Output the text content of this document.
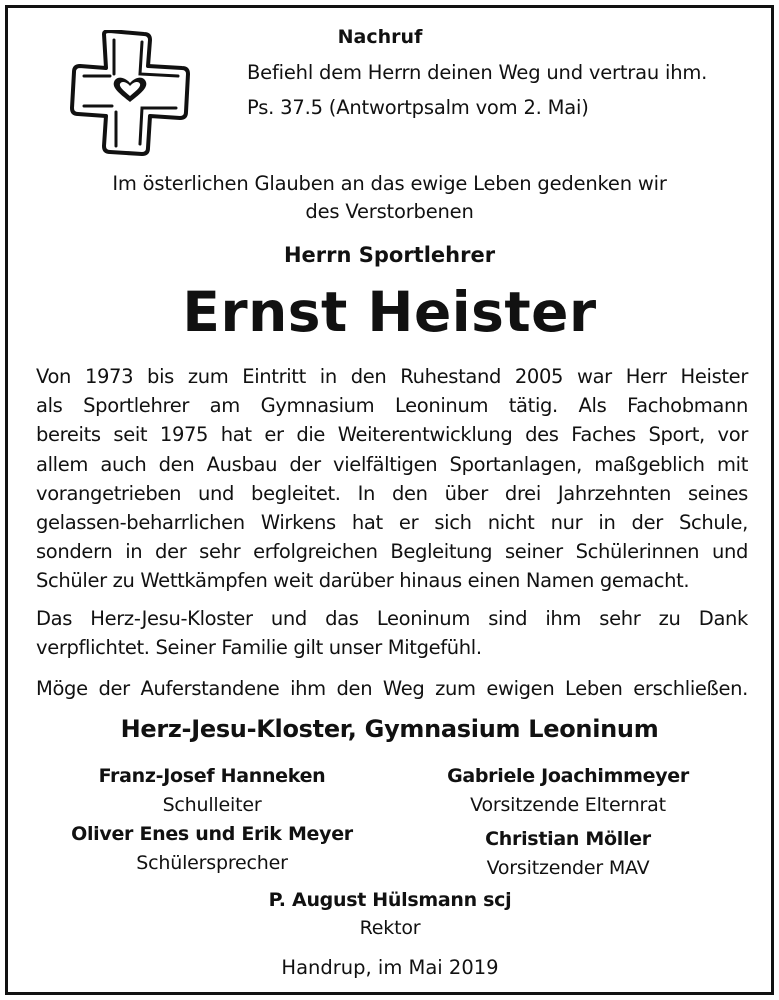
Nachruf
Befiehl dem Herrn deinen Weg und vertrau ihm.
Ps. 37.5 (Antwortpsalm vom 2. Mai)
Im österlichen Glauben an das ewige Leben gedenken wir
des Verstorbenen
Herrn Sportlehrer
Ernst Heister

Von 1973 bis zum Eintritt in den Ruhestand 2005 war Herr Heister

als Sportlehrer am Gymnasium Leoninum tätig. Als Fachobmann

bereits seit 1975 hat er die Weiterentwicklung des Faches Sport, vor

allem auch den Ausbau der vielfältigen Sportanlagen, maßgeblich mit

vorangetrieben und begleitet. In den über drei Jahrzehnten seines

gelassen-beharrlichen Wirkens hat er sich nicht nur in der Schule,

sondern in der sehr erfolgreichen Begleitung seiner Schülerinnen und

Schüler zu Wettkämpfen weit darüber hinaus einen Namen gemacht.

Das Herz-Jesu-Kloster und das Leoninum sind ihm sehr zu Dank

verpflichtet. Seiner Familie gilt unser Mitgefühl.

Möge der Auferstandene ihm den Weg zum ewigen Leben erschließen.

Herz-Jesu-Kloster, Gymnasium Leoninum
Franz-Josef Hanneken
Schulleiter
Oliver Enes und Erik Meyer
Schülersprecher
Gabriele Joachimmeyer
Vorsitzende Elternrat
Christian Möller
Vorsitzender MAV
P. August Hülsmann scj
Rektor
Handrup, im Mai 2019
